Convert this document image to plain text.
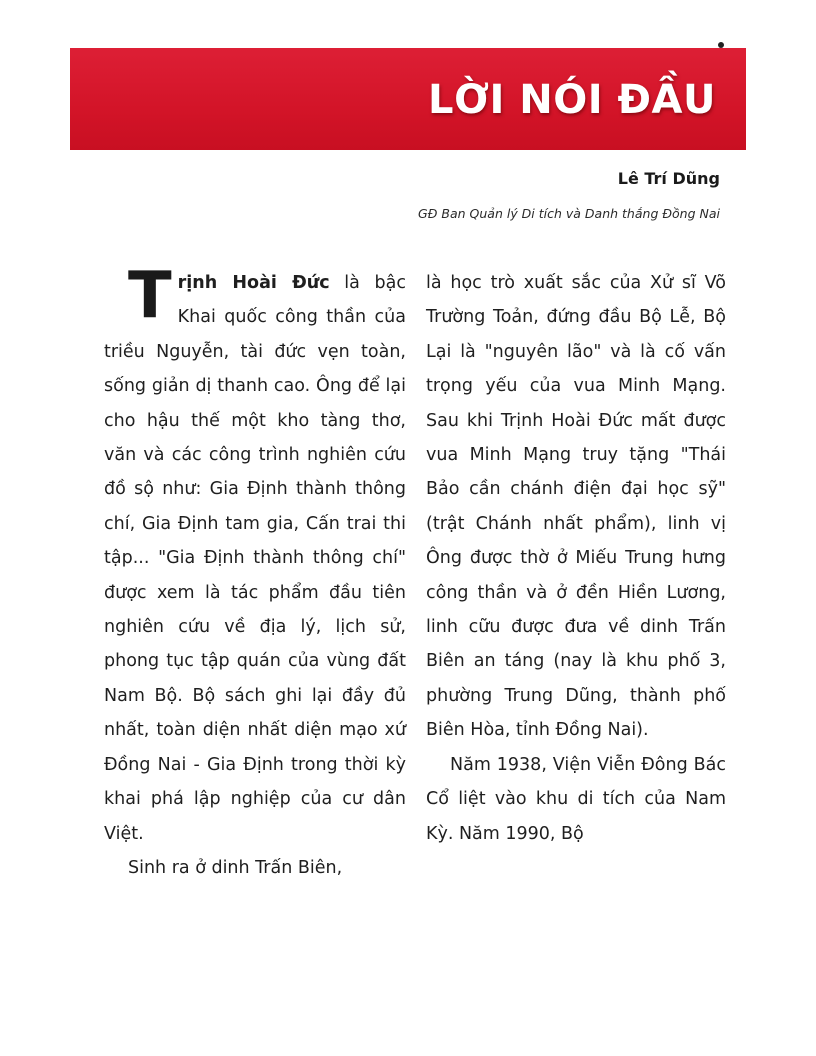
LỜI NÓI ĐẦU
Lê Trí Dũng
GĐ Ban Quản lý Di tích và Danh thắng Đồng Nai

Trịnh Hoài Đức là bậc Khai quốc công thần của triều Nguyễn, tài đức vẹn toàn, sống giản dị thanh cao. Ông để lại cho hậu thế một kho tàng thơ, văn và các công trình nghiên cứu đồ sộ như: Gia Định thành thông chí, Gia Định tam gia, Cấn trai thi tập... "Gia Định thành thông chí" được xem là tác phẩm đầu tiên nghiên cứu về địa lý, lịch sử, phong tục tập quán của vùng đất Nam Bộ. Bộ sách ghi lại đầy đủ nhất, toàn diện nhất diện mạo xứ Đồng Nai - Gia Định trong thời kỳ khai phá lập nghiệp của cư dân Việt.

Sinh ra ở dinh Trấn Biên,

là học trò xuất sắc của Xử sĩ Võ Trường Toản, đứng đầu Bộ Lễ, Bộ Lại là "nguyên lão" và là cố vấn trọng yếu của vua Minh Mạng. Sau khi Trịnh Hoài Đức mất được vua Minh Mạng truy tặng "Thái Bảo cần chánh điện đại học sỹ" (trật Chánh nhất phẩm), linh vị Ông được thờ ở Miếu Trung hưng công thần và ở đền Hiền Lương, linh cữu được đưa về dinh Trấn Biên an táng (nay là khu phố 3, phường Trung Dũng, thành phố Biên Hòa, tỉnh Đồng Nai).

Năm 1938, Viện Viễn Đông Bác Cổ liệt vào khu di tích của Nam Kỳ. Năm 1990, Bộ
